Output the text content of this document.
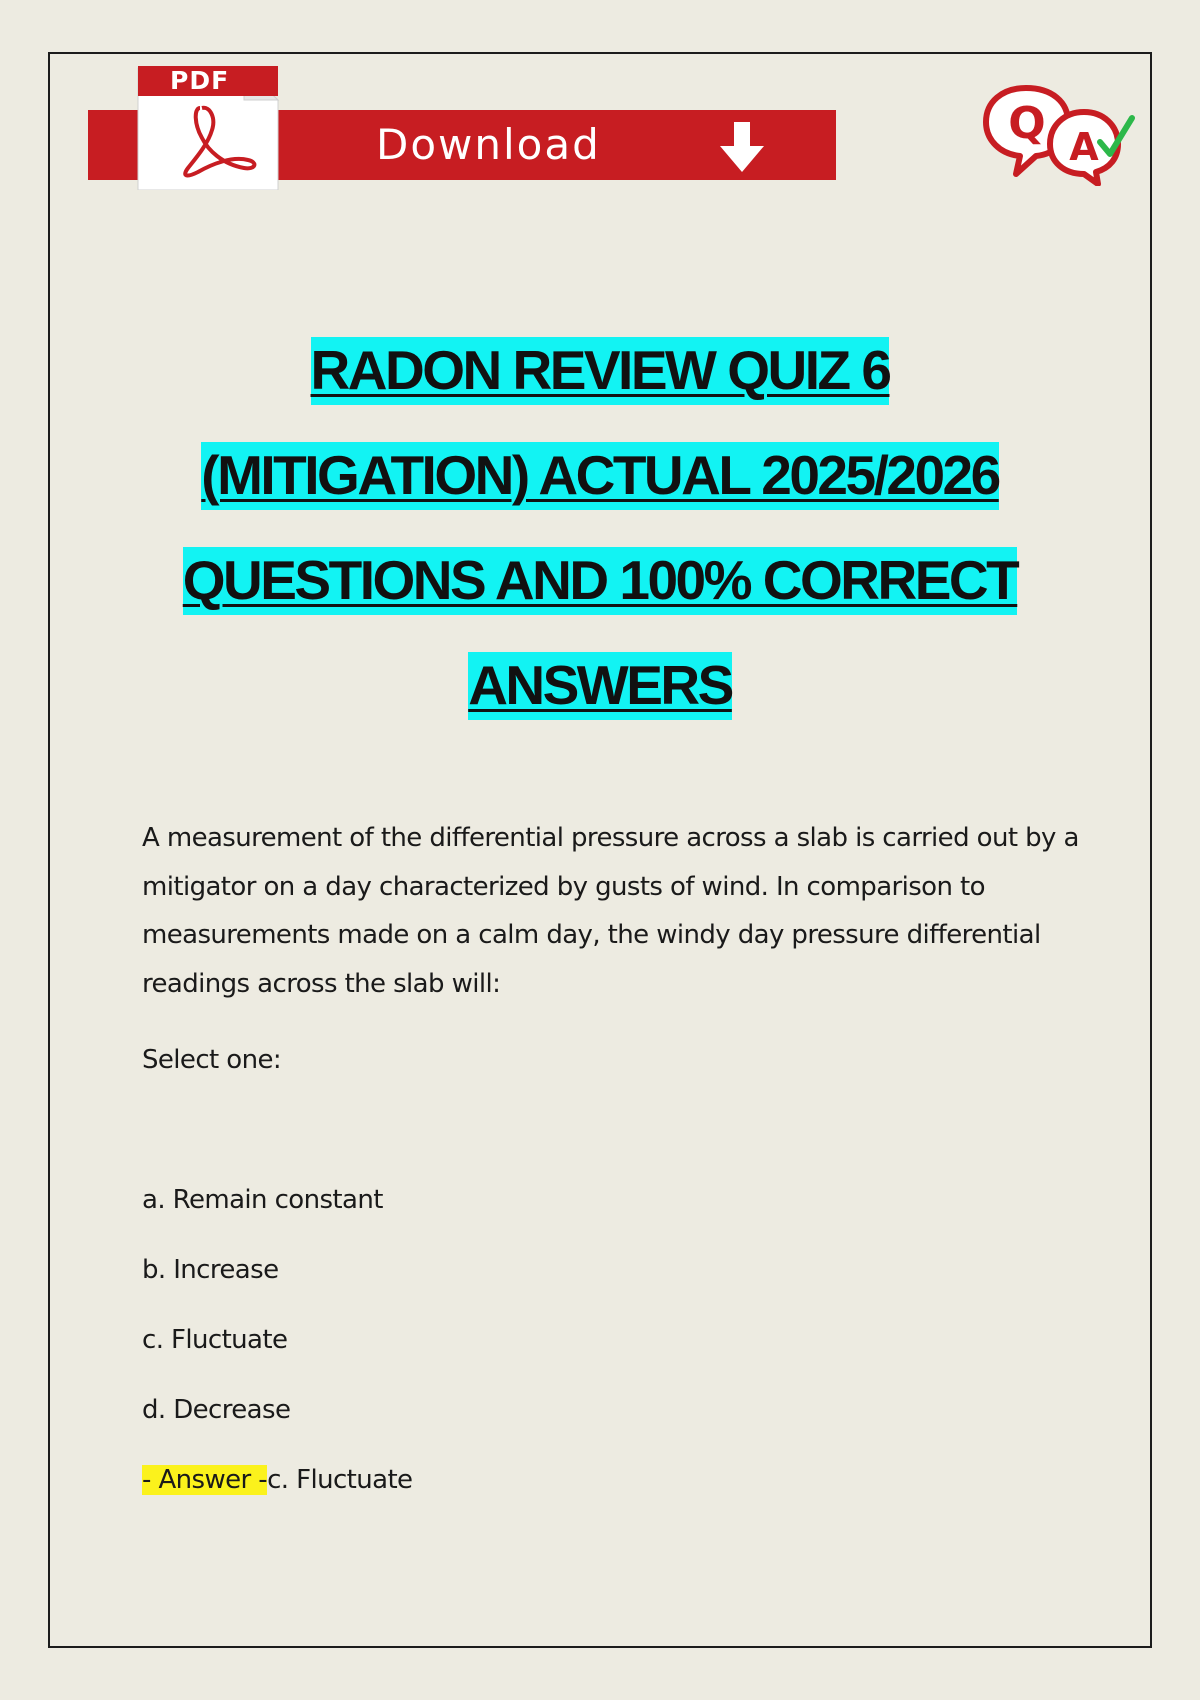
PDF
Download	Q A
RADON REVIEW QUIZ 6
(MITIGATION) ACTUAL 2025/2026
QUESTIONS AND 100% CORRECT
ANSWERS
A measurement of the differential pressure across a slab is carried out by a mitigator on a day characterized by gusts of wind. In comparison to measurements made on a calm day, the windy day pressure differential readings across the slab will:
Select one:
a. Remain constant
b. Increase
c. Fluctuate
d. Decrease
- Answer -c. Fluctuate
